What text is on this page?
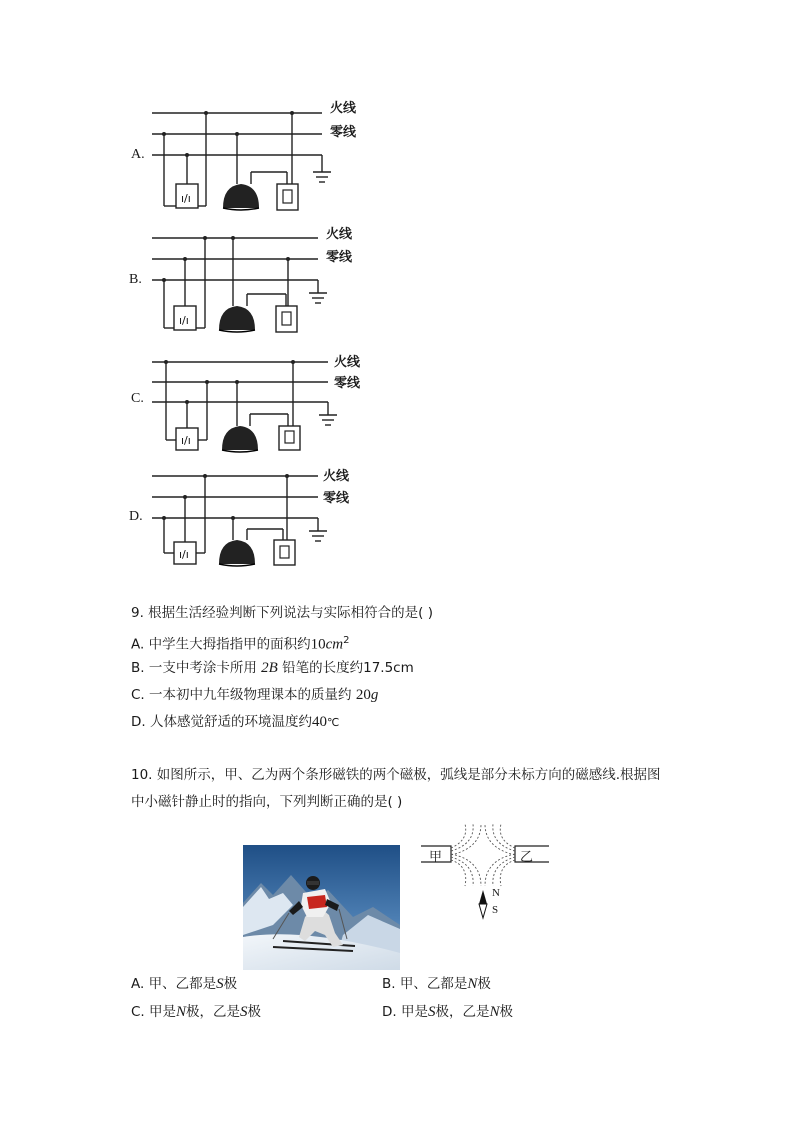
ı/ı
ı/ı
ı/ı
ı/ı
A.
火线
零线
B.
火线
零线
C.
火线
零线
D.
火线
零线
9. 根据生活经验判断下列说法与实际相符合的是( )
A. 中学生大拇指指甲的面积约$10cm^2$
B. 一支中考涂卡所用 2B 铅笔的长度约17.5cm
C. 一本初中九年级物理课本的质量约 20g
D. 人体感觉舒适的环境温度约40℃
10. 如图所示，甲、乙为两个条形磁铁的两个磁极，弧线是部分未标方向的磁感线.根据图
中小磁针静止时的指向，下列判断正确的是( )
甲	乙
N
S
A. 甲、乙都是S极	B. 甲、乙都是N极
C. 甲是N极，乙是S极	D. 甲是S极，乙是N极
